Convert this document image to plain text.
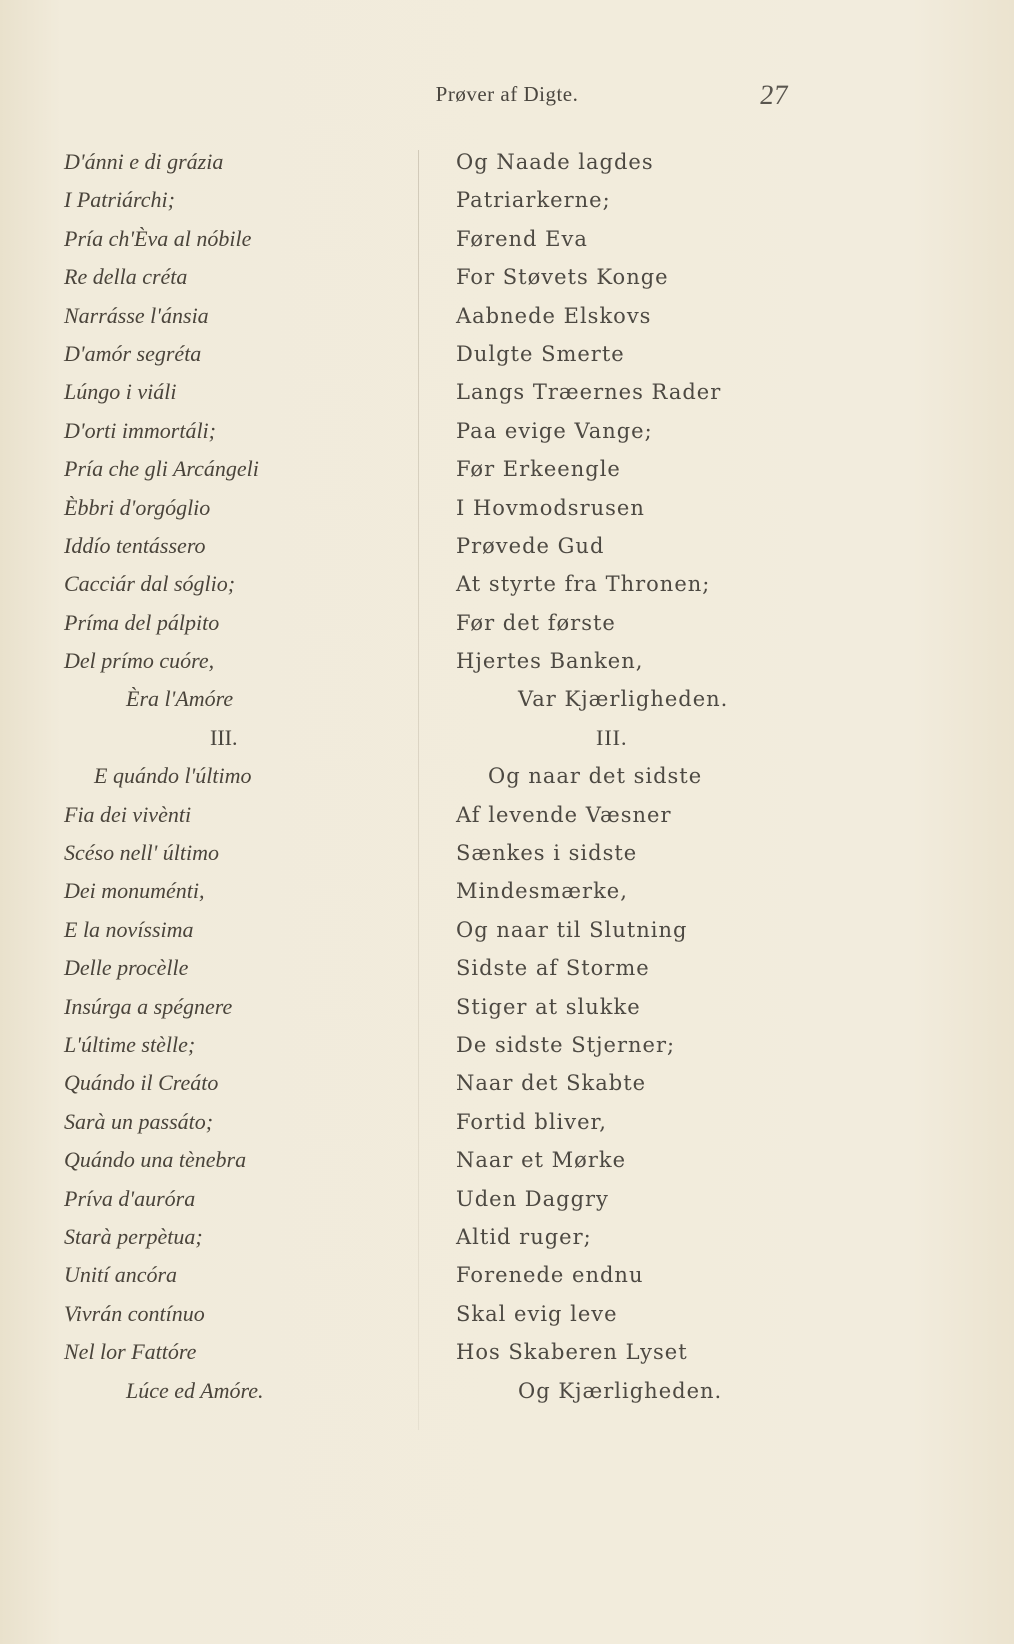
Prøver af Digte.	27
D'ánni e di grázia
I Patriárchi;
Pría ch'Èva al nóbile
Re della créta
Narrásse l'ánsia
D'amór segréta
Lúngo i viáli
D'orti immortáli;
Pría che gli Arcángeli
Èbbri d'orgóglio
Iddío tentássero
Cacciár dal sóglio;
Príma del pálpito
Del prímo cuóre,
Èra l'Amóre
III.
E quándo l'último
Fia dei vivènti
Scéso nell' último
Dei monuménti,
E la novíssima
Delle procèlle
Insúrga a spégnere
L'últime stèlle;
Quándo il Creáto
Sarà un passáto;
Quándo una tènebra
Príva d'auróra
Starà perpètua;
Unití ancóra
Vivrán contínuo
Nel lor Fattóre
Lúce ed Amóre.
Og Naade lagdes
Patriarkerne;
Førend Eva
For Støvets Konge
Aabnede Elskovs
Dulgte Smerte
Langs Træernes Rader
Paa evige Vange;
Før Erkeengle
I Hovmodsrusen
Prøvede Gud
At styrte fra Thronen;
Før det første
Hjertes Banken,
Var Kjærligheden.
III.
Og naar det sidste
Af levende Væsner
Sænkes i sidste
Mindesmærke,
Og naar til Slutning
Sidste af Storme
Stiger at slukke
De sidste Stjerner;
Naar det Skabte
Fortid bliver,
Naar et Mørke
Uden Daggry
Altid ruger;
Forenede endnu
Skal evig leve
Hos Skaberen Lyset
Og Kjærligheden.
